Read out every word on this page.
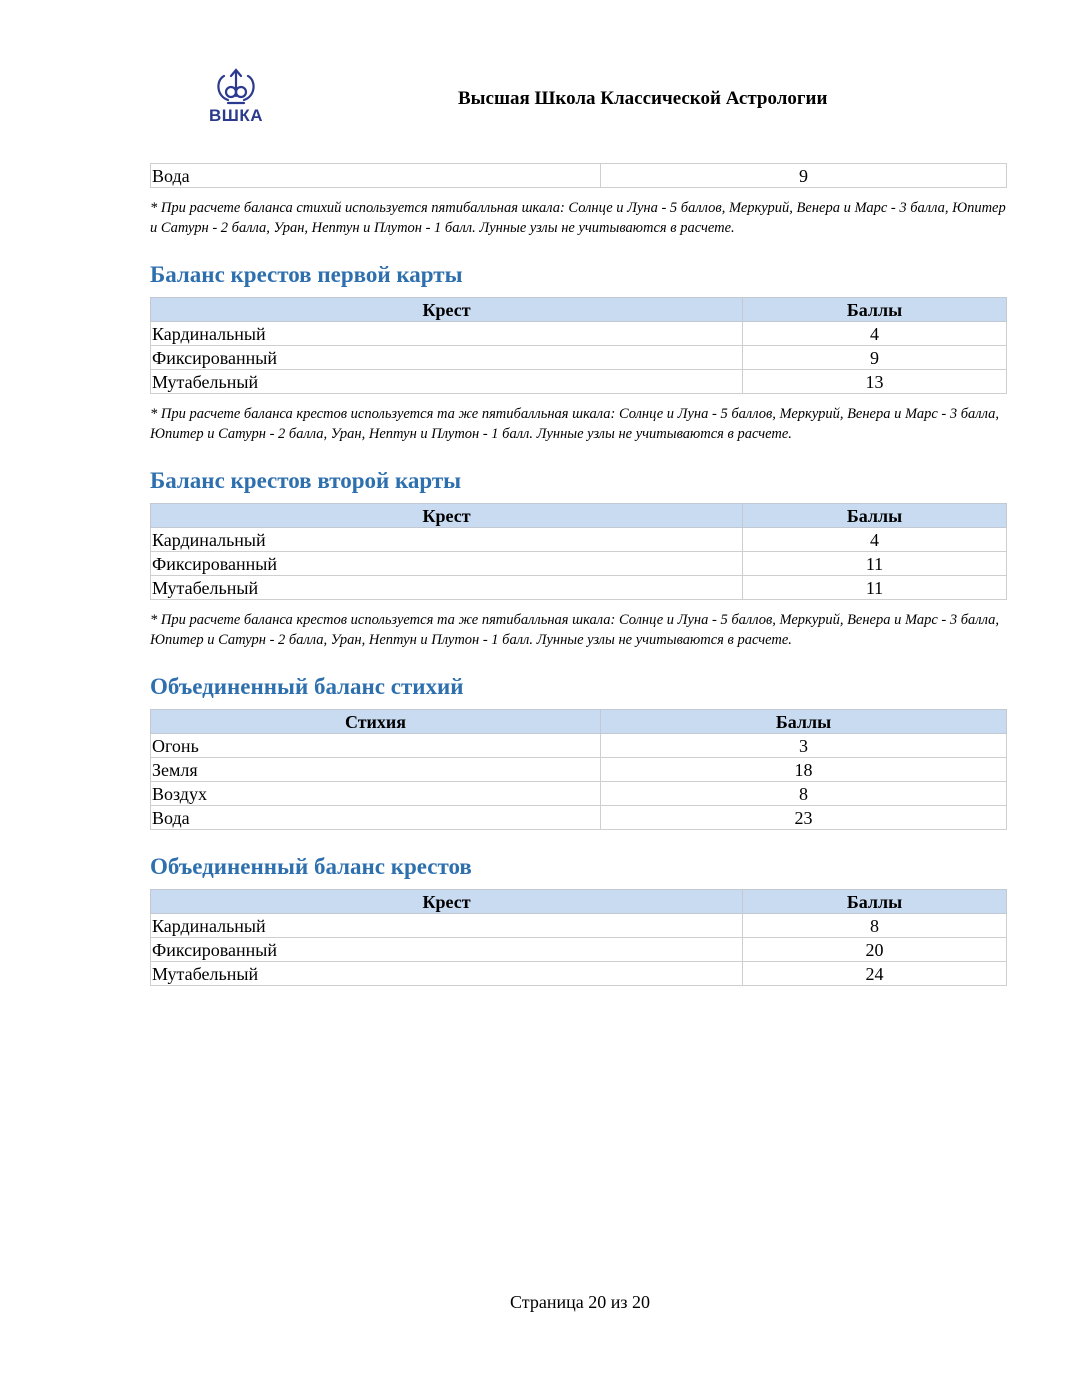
ВШКА
Высшая Школа Классической Астрологии
Вода	9

* При расчете баланса стихий используется пятибалльная шкала: Солнце и Луна - 5 баллов, Меркурий, Венера и Марс - 3 балла, Юпитер и Сатурн - 2 балла, Уран, Нептун и Плутон - 1 балл. Лунные узлы не учитываются в расчете.

Баланс крестов первой карты
Крест	Баллы
Кардинальный	4
Фиксированный	9
Мутабельный	13

* При расчете баланса крестов используется та же пятибалльная шкала: Солнце и Луна - 5 баллов, Меркурий, Венера и Марс - 3 балла, Юпитер и Сатурн - 2 балла, Уран, Нептун и Плутон - 1 балл. Лунные узлы не учитываются в расчете.

Баланс крестов второй карты
Крест	Баллы
Кардинальный	4
Фиксированный	11
Мутабельный	11

* При расчете баланса крестов используется та же пятибалльная шкала: Солнце и Луна - 5 баллов, Меркурий, Венера и Марс - 3 балла, Юпитер и Сатурн - 2 балла, Уран, Нептун и Плутон - 1 балл. Лунные узлы не учитываются в расчете.

Объединенный баланс стихий
Стихия	Баллы
Огонь	3
Земля	18
Воздух	8
Вода	23
Объединенный баланс крестов
Крест	Баллы
Кардинальный	8
Фиксированный	20
Мутабельный	24
Страница 20 из 20
